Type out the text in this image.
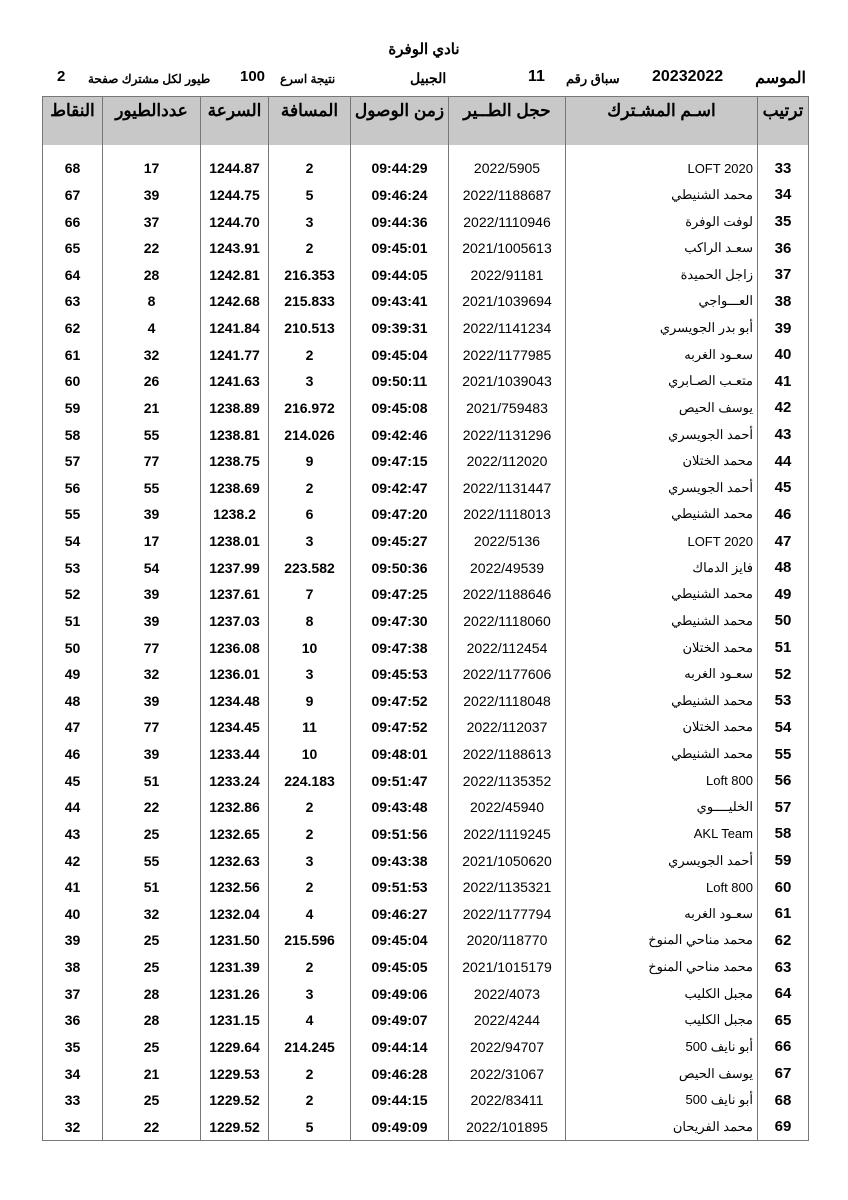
نادي الوفرة
الموسم
20232022
سباق رقم
11
الجبيل
نتيجة اسرع
100
طيور لكل مشترك صفحة
2
ترتيب	اسـم المشـترك	حجل الطــير	زمن الوصول	المسافة	السرعة	عددالطيور	النقاط

33	LOFT 2020	2022/5905	09:44:29	2	1244.87	17	68
34	محمد الشنيطي	2022/1188687	09:46:24	5	1244.75	39	67
35	لوفت الوفرة	2022/1110946	09:44:36	3	1244.70	37	66
36	سعـد الراكب	2021/1005613	09:45:01	2	1243.91	22	65
37	زاجل الحميدة	2022/91181	09:44:05	216.353	1242.81	28	64
38	العـــواجي	2021/1039694	09:43:41	215.833	1242.68	8	63
39	أبو بدر الجويسري	2022/1141234	09:39:31	210.513	1241.84	4	62
40	سعـود الغربه	2022/1177985	09:45:04	2	1241.77	32	61
41	متعـب الصـابري	2021/1039043	09:50:11	3	1241.63	26	60
42	يوسف الحيص	2021/759483	09:45:08	216.972	1238.89	21	59
43	أحمد الجويسري	2022/1131296	09:42:46	214.026	1238.81	55	58
44	محمد الختلان	2022/112020	09:47:15	9	1238.75	77	57
45	أحمد الجويسري	2022/1131447	09:42:47	2	1238.69	55	56
46	محمد الشنيطي	2022/1118013	09:47:20	6	1238.2	39	55
47	LOFT 2020	2022/5136	09:45:27	3	1238.01	17	54
48	فايز الدماك	2022/49539	09:50:36	223.582	1237.99	54	53
49	محمد الشنيطي	2022/1188646	09:47:25	7	1237.61	39	52
50	محمد الشنيطي	2022/1118060	09:47:30	8	1237.03	39	51
51	محمد الختلان	2022/112454	09:47:38	10	1236.08	77	50
52	سعـود الغربه	2022/1177606	09:45:53	3	1236.01	32	49
53	محمد الشنيطي	2022/1118048	09:47:52	9	1234.48	39	48
54	محمد الختلان	2022/112037	09:47:52	11	1234.45	77	47
55	محمد الشنيطي	2022/1188613	09:48:01	10	1233.44	39	46
56	Loft 800	2022/1135352	09:51:47	224.183	1233.24	51	45
57	الخليــــوي	2022/45940	09:43:48	2	1232.86	22	44
58	AKL Team	2022/1119245	09:51:56	2	1232.65	25	43
59	أحمد الجويسري	2021/1050620	09:43:38	3	1232.63	55	42
60	Loft 800	2022/1135321	09:51:53	2	1232.56	51	41
61	سعـود الغربه	2022/1177794	09:46:27	4	1232.04	32	40
62	محمد مناحي المنوخ	2020/118770	09:45:04	215.596	1231.50	25	39
63	محمد مناحي المنوخ	2021/1015179	09:45:05	2	1231.39	25	38
64	مجبل الكليب	2022/4073	09:49:06	3	1231.26	28	37
65	مجبل الكليب	2022/4244	09:49:07	4	1231.15	28	36
66	أبو نايف 500	2022/94707	09:44:14	214.245	1229.64	25	35
67	يوسف الحيص	2022/31067	09:46:28	2	1229.53	21	34
68	أبو نايف 500	2022/83411	09:44:15	2	1229.52	25	33
69	محمد الفريحان	2022/101895	09:49:09	5	1229.52	22	32
